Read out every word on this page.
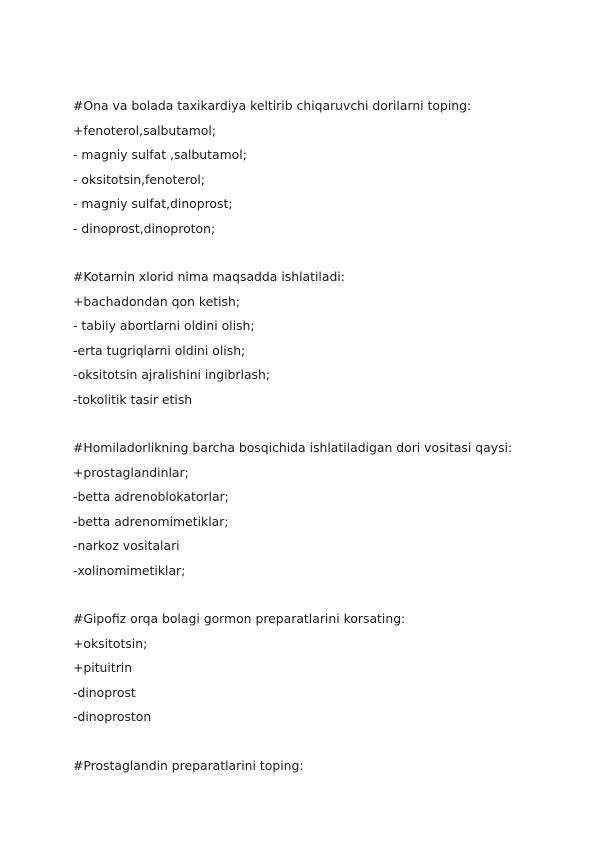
#Ona va bolada taxikardiya keltirib chiqaruvchi dorilarni toping:
+fenoterol,salbutamol;
- magniy sulfat ,salbutamol;
- oksitotsin,fenoterol;
- magniy sulfat,dinoprost;
- dinoprost,dinoproton;
#Kotarnin xlorid nima maqsadda ishlatiladi:
+bachadondan qon ketish;
- tabiiy abortlarni oldini olish;
-erta tugriqlarni oldini olish;
-oksitotsin ajralishini ingibrlash;
-tokolitik tasir etish
#Homiladorlikning barcha bosqichida ishlatiladigan dori vositasi qaysi:
+prostaglandinlar;
-betta adrenoblokatorlar;
-betta adrenomimetiklar;
-narkoz vositalari
-xolinomimetiklar;
#Gipofiz orqa bolagi gormon preparatlarini korsating:
+oksitotsin;
+pituitrin
-dinoprost
-dinoproston
#Prostaglandin preparatlarini toping:
